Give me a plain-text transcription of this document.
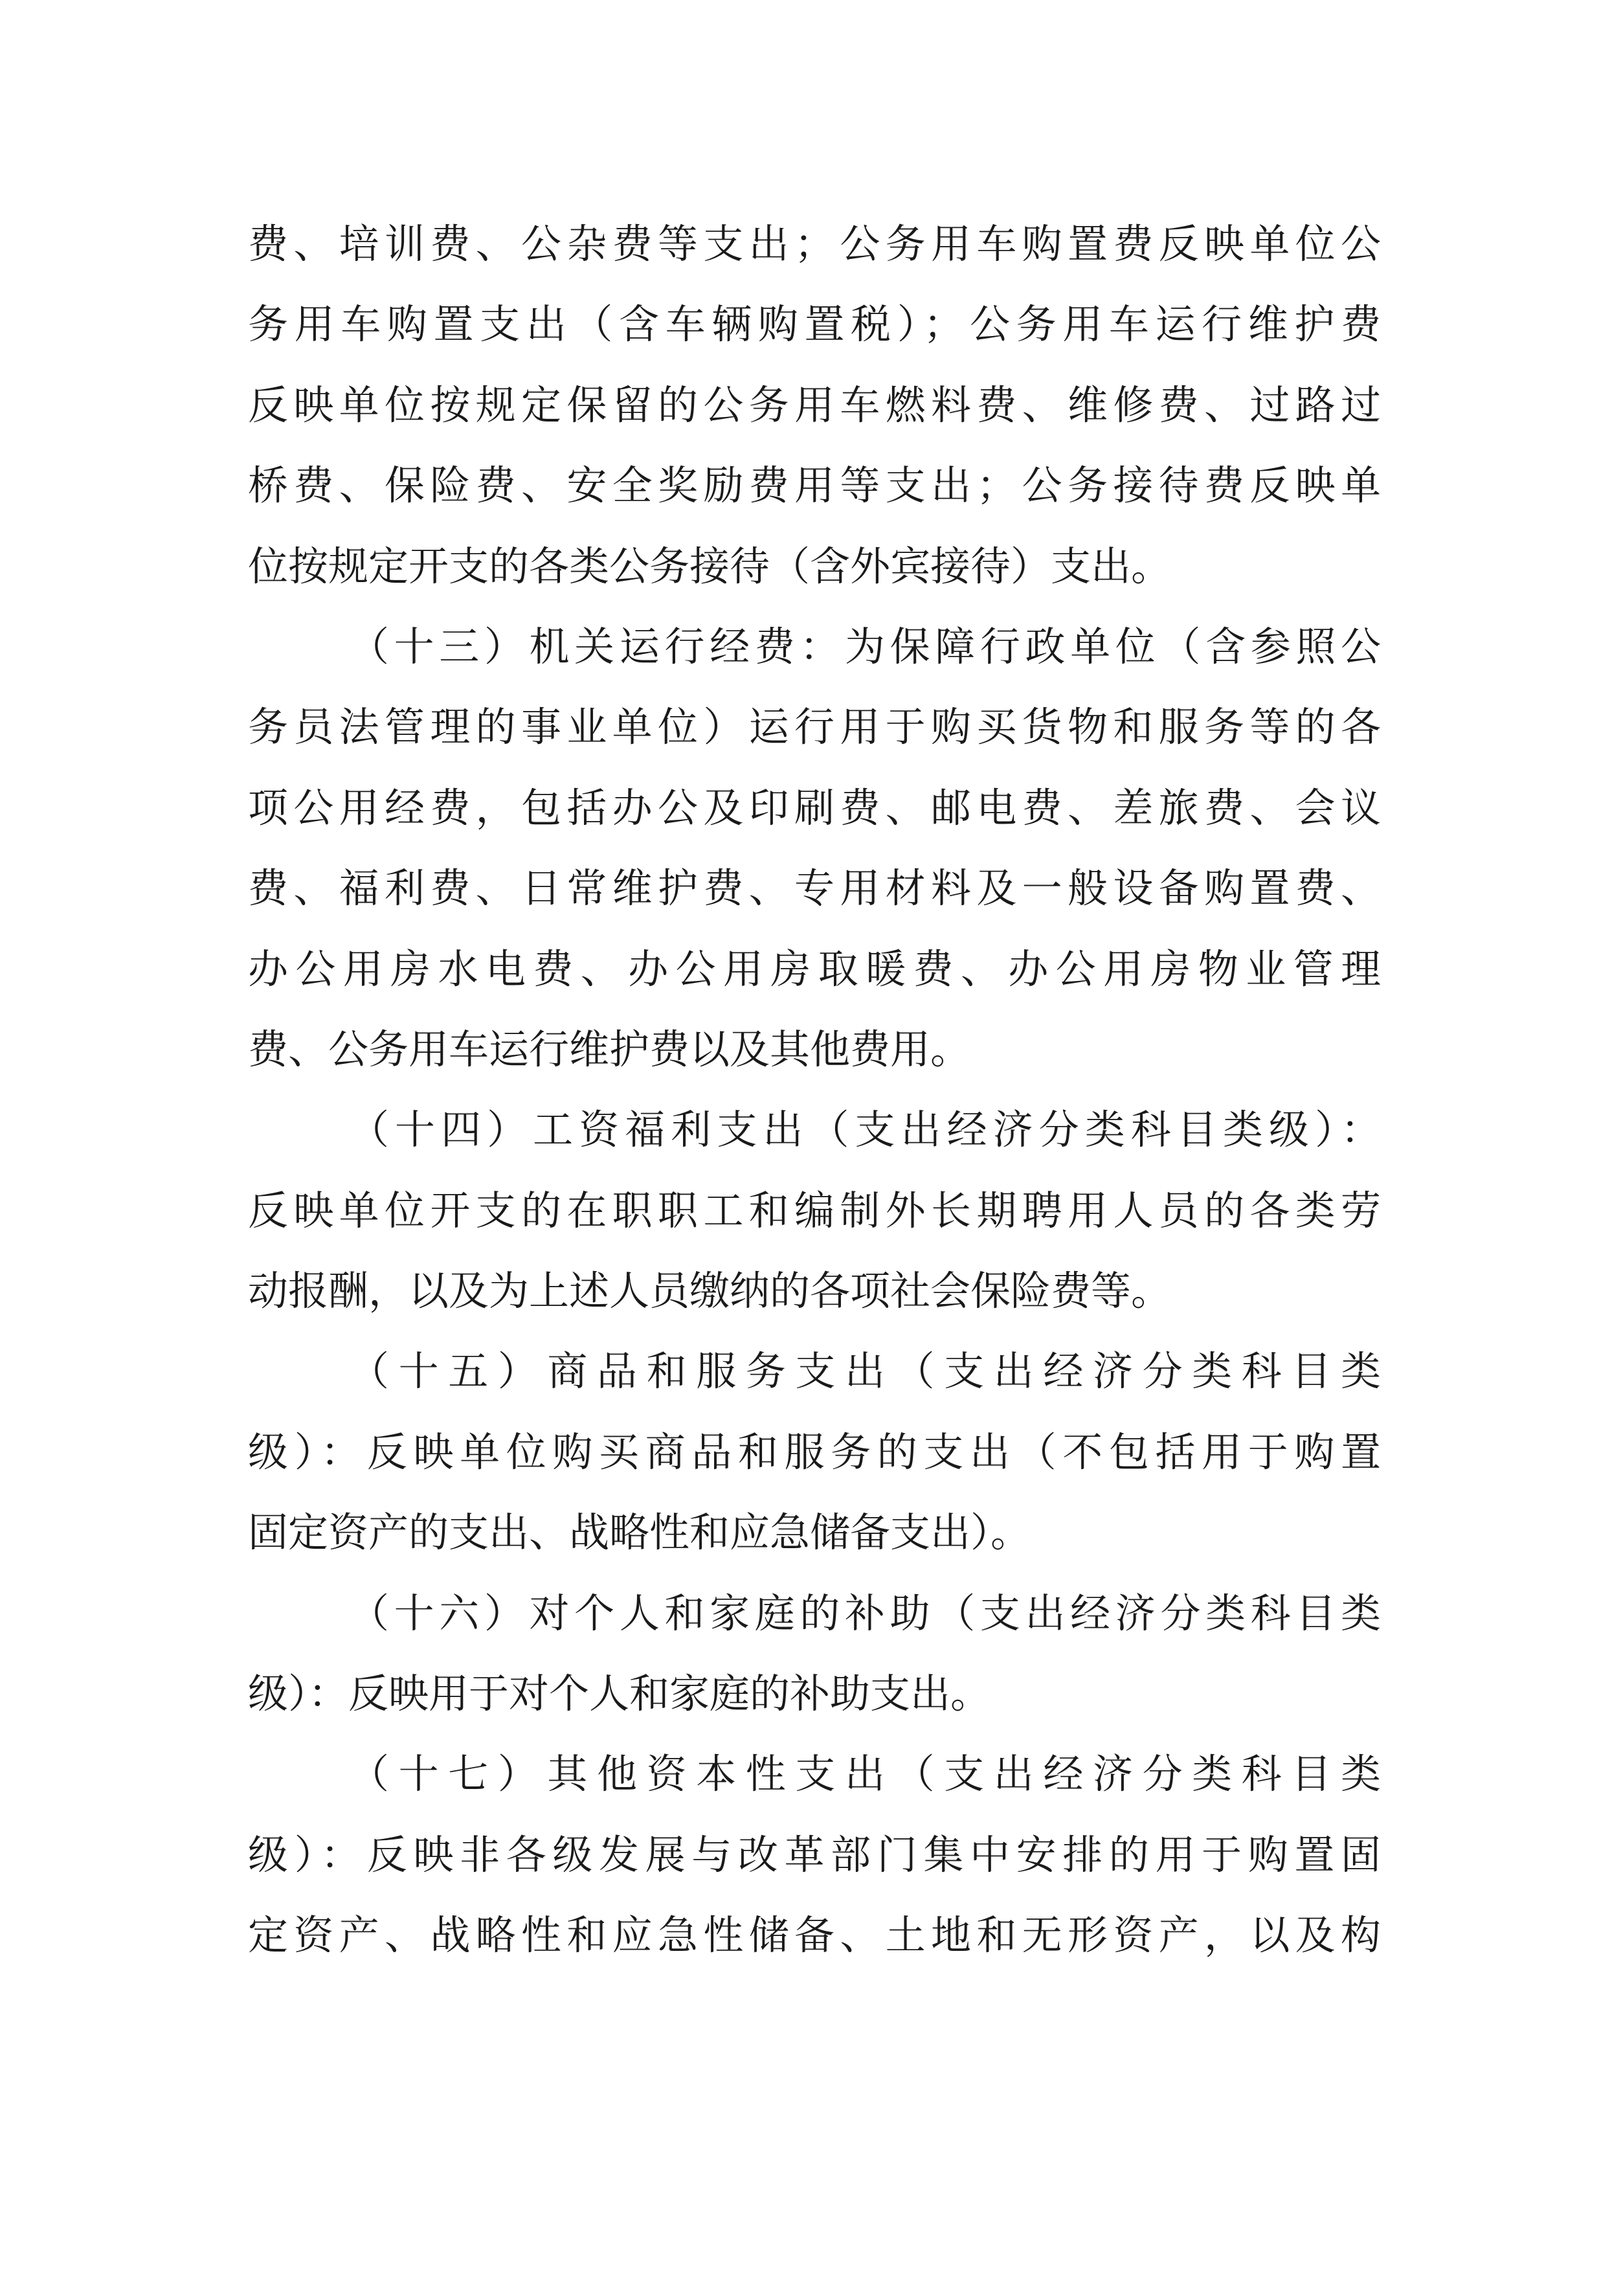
费、培训费、公杂费等支出；公务用车购置费反映单位公
务用车购置支出（含车辆购置税）；公务用车运行维护费
反映单位按规定保留的公务用车燃料费、维修费、过路过
桥费、保险费、安全奖励费用等支出；公务接待费反映单
位按规定开支的各类公务接待（含外宾接待）支出。
（十三）机关运行经费：为保障行政单位（含参照公
务员法管理的事业单位）运行用于购买货物和服务等的各
项公用经费，包括办公及印刷费、邮电费、差旅费、会议
费、福利费、日常维护费、专用材料及一般设备购置费、
办公用房水电费、办公用房取暖费、办公用房物业管理
费、公务用车运行维护费以及其他费用。
（十四）工资福利支出（支出经济分类科目类级）：
反映单位开支的在职职工和编制外长期聘用人员的各类劳
动报酬，以及为上述人员缴纳的各项社会保险费等。
（十五）商品和服务支出（支出经济分类科目类
级）：反映单位购买商品和服务的支出（不包括用于购置
固定资产的支出、战略性和应急储备支出）。
（十六）对个人和家庭的补助（支出经济分类科目类
级）：反映用于对个人和家庭的补助支出。
（十七）其他资本性支出（支出经济分类科目类
级）：反映非各级发展与改革部门集中安排的用于购置固
定资产、战略性和应急性储备、土地和无形资产，以及构
